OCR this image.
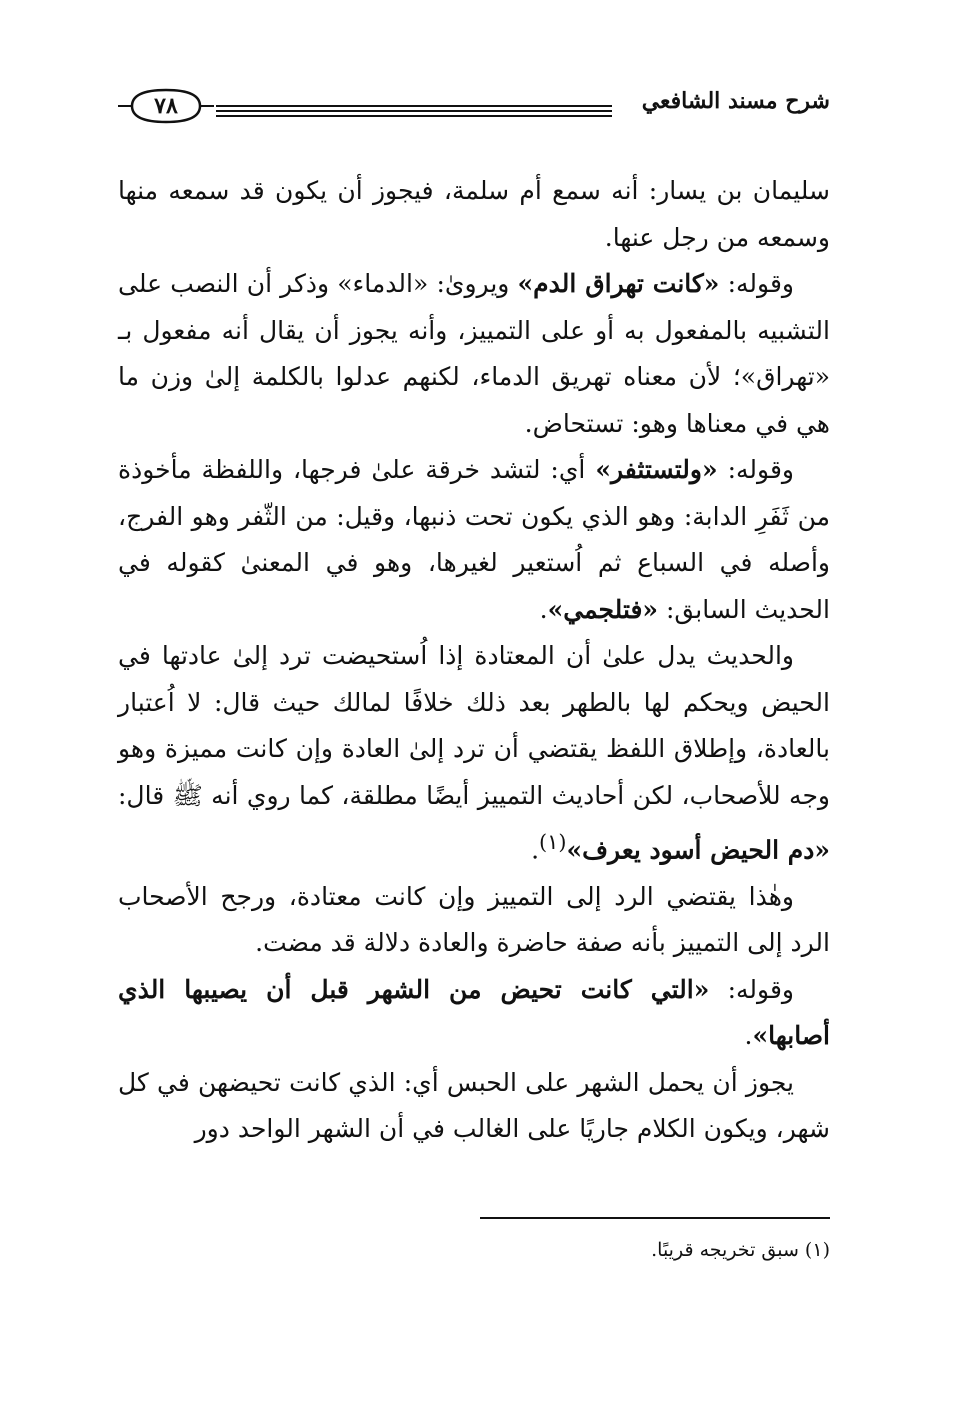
شرح مسند الشافعي
٧٨

سليمان بن يسار: أنه سمع أم سلمة، فيجوز أن يكون قد سمعه منها وسمعه من رجل عنها.

وقوله: «كانت تهراق الدم» ويروىٰ: «الدماء» وذكر أن النصب على التشبيه بالمفعول به أو على التمييز، وأنه يجوز أن يقال أنه مفعول بـ «تهراق»؛ لأن معناه تهريق الدماء، لكنهم عدلوا بالكلمة إلىٰ وزن ما هي في معناها وهو: تستحاض.

وقوله: «ولتستثفر» أي: لتشد خرقة علىٰ فرجها، واللفظة مأخوذة من ثَفَرِ الدابة: وهو الذي يكون تحت ذنبها، وقيل: من الثّفر وهو الفرج، وأصله في السباع ثم اُستعير لغيرها، وهو في المعنىٰ كقوله في الحديث السابق: «فتلجمي».

والحديث يدل علىٰ أن المعتادة إذا اُستحيضت ترد إلىٰ عادتها في الحيض ويحكم لها بالطهر بعد ذلك خلافًا لمالك حيث قال: لا اُعتبار بالعادة، وإطلاق اللفظ يقتضي أن ترد إلىٰ العادة وإن كانت مميزة وهو وجه للأصحاب، لكن أحاديث التمييز أيضًا مطلقة، كما روي أنه ﷺ قال: «دم الحيض أسود يعرف»$^{(١)}$.

وهٰذا يقتضي الرد إلى التمييز وإن كانت معتادة، ورجح الأصحاب الرد إلى التمييز بأنه صفة حاضرة والعادة دلالة قد مضت.

وقوله: «التي كانت تحيض من الشهر قبل أن يصيبها الذي أصابها».

يجوز أن يحمل الشهر على الحبس أي: الذي كانت تحيضهن في كل شهر، ويكون الكلام جاريًا على الغالب في أن الشهر الواحد دور

(١) سبق تخريجه قريبًا.
